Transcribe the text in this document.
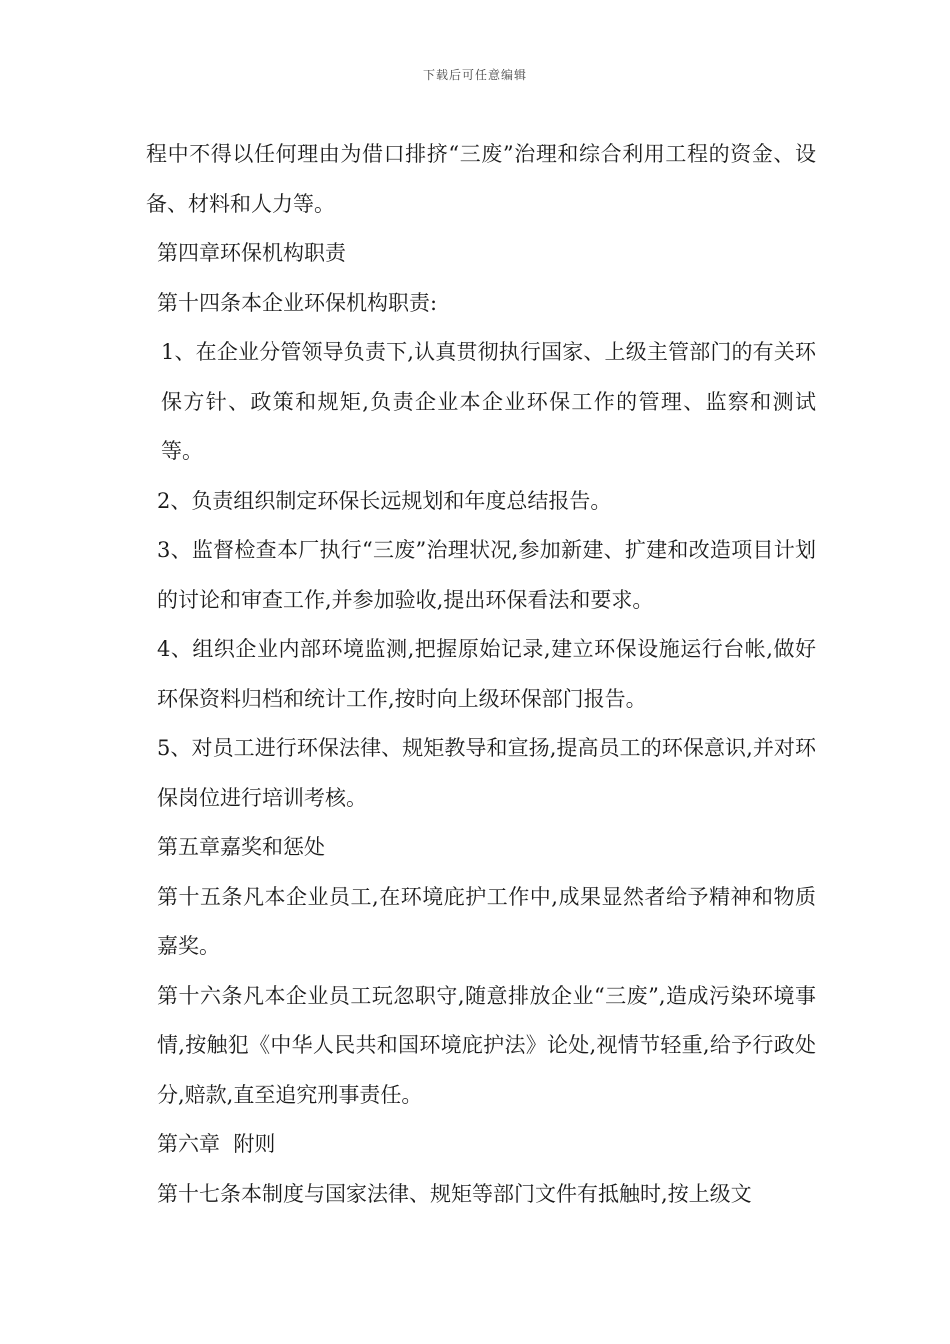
下载后可任意编辑

程中不得以任何理由为借口排挤“三废”治理和综合利用工程的资金、设备、材料和人力等。

第四章环保机构职责

第十四条本企业环保机构职责:

1、在企业分管领导负责下,认真贯彻执行国家、上级主管部门的有关环保方针、政策和规矩,负责企业本企业环保工作的管理、监察和测试等。

2、负责组织制定环保长远规划和年度总结报告。

3、监督检查本厂执行“三废”治理状况,参加新建、扩建和改造项目计划的讨论和审查工作,并参加验收,提出环保看法和要求。

4、组织企业内部环境监测,把握原始记录,建立环保设施运行台帐,做好环保资料归档和统计工作,按时向上级环保部门报告。

5、对员工进行环保法律、规矩教导和宣扬,提高员工的环保意识,并对环保岗位进行培训考核。

第五章嘉奖和惩处

第十五条凡本企业员工,在环境庇护工作中,成果显然者给予精神和物质嘉奖。

第十六条凡本企业员工玩忽职守,随意排放企业“三废”,造成污染环境事情,按触犯《中华人民共和国环境庇护法》论处,视情节轻重,给予行政处分,赔款,直至追究刑事责任。

第六章  附则

第十七条本制度与国家法律、规矩等部门文件有抵触时,按上级文
